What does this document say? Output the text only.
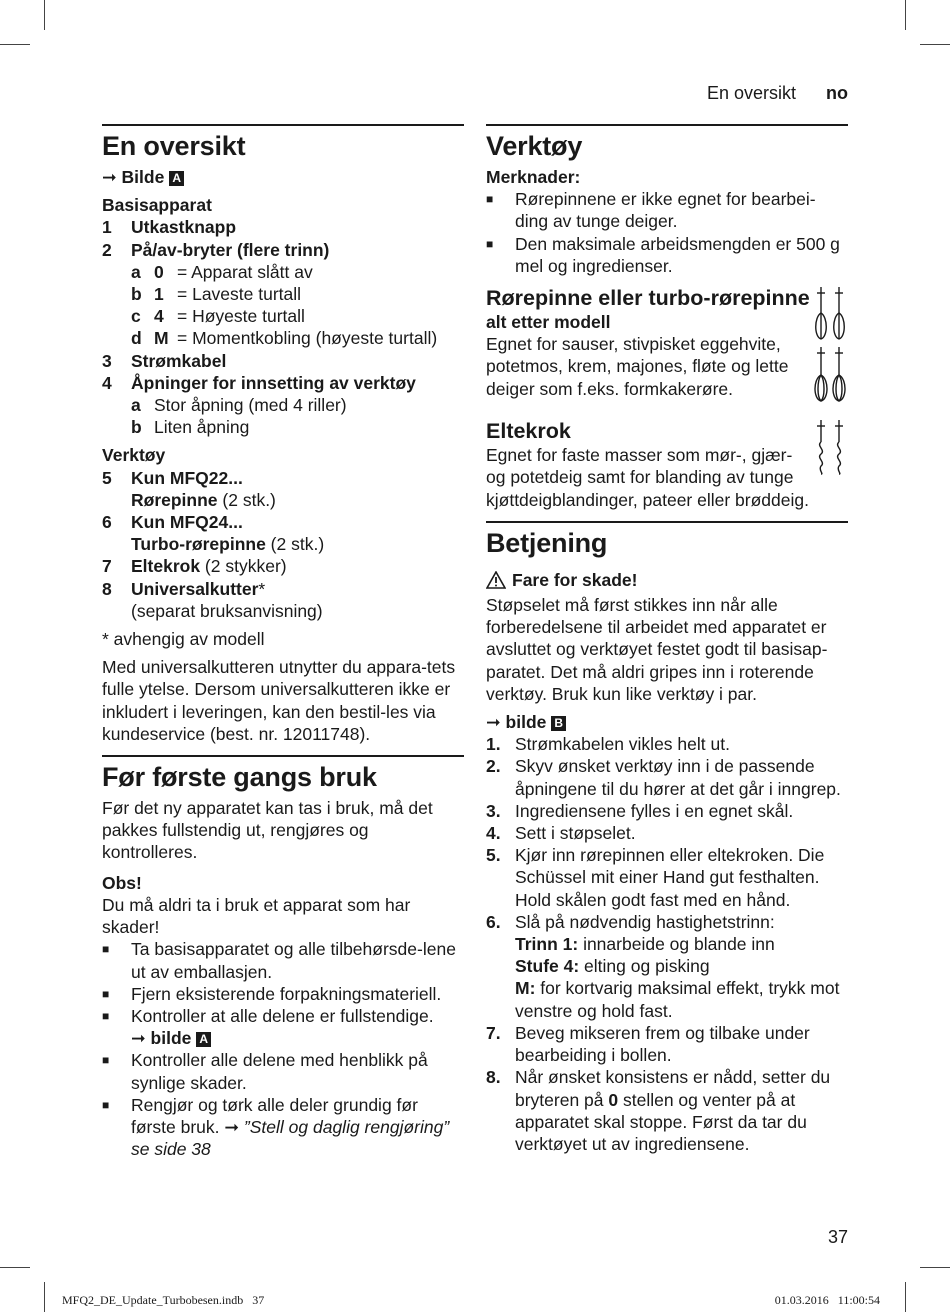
En oversikt no
En oversikt

➞ Bilde A

Basisapparat

1	Utkastknapp
2	På/av-bryter (flere trinn)
a 0 = Apparat slått av
b 1 = Laveste turtall
c 4 = Høyeste turtall
d M = Momentkobling (høyeste turtall)
3	Strømkabel
4	Åpninger for innsetting av verktøy
a Stor åpning (med 4 riller)
b Liten åpning

Verktøy

5	Kun MFQ22...
Rørepinne (2 stk.)
6	Kun MFQ24...
Turbo-rørepinne (2 stk.)
7	Eltekrok (2 stykker)
8	Universalkutter*
(separat bruksanvisning)

* avhengig av modell

Med universalkutteren utnytter du appara-tets fulle ytelse. Dersom universalkutteren ikke er inkludert i leveringen, kan den bestil-les via kundeservice (best. nr. 12011748).

Før første gangs bruk

Før det ny apparatet kan tas i bruk, må det pakkes fullstendig ut, rengjøres og kontrolleres.

Obs!

Du må aldri ta i bruk et apparat som har skader!

■	Ta basisapparatet og alle tilbehørsde-lene ut av emballasjen.
■	Fjern eksisterende forpakningsmateriell.
■	Kontroller at alle delene er fullstendige.
➞ bilde A
■	Kontroller alle delene med henblikk på synlige skader.
■	Rengjør og tørk alle deler grundig før første bruk. ➞ ”Stell og daglig rengjøring” se side 38
Verktøy

Merknader:

■	Rørepinnene er ikke egnet for bearbei-ding av tunge deiger.
■	Den maksimale arbeidsmengden er 500 g mel og ingredienser.
Rørepinne eller turbo-rørepinne

alt etter modell

Egnet for sauser, stivpisket eggehvite, potetmos, krem, majones, fløte og lette deiger som f.eks. formkakerøre.

Eltekrok

Egnet for faste masser som mør-, gjær- og potetdeig samt for blanding av tunge kjøttdeigblandinger, pateer eller brøddeig.

Betjening

Fare for skade!

Støpselet må først stikkes inn når alle forberedelsene til arbeidet med apparatet er avsluttet og verktøyet festet godt til basisap-paratet. Det må aldri gripes inn i roterende verktøy. Bruk kun like verktøy i par.

➞ bilde B

1. Strømkabelen vikles helt ut.
2. Skyv ønsket verktøy inn i de passende åpningene til du hører at det går i inngrep.
3. Ingrediensene fylles i en egnet skål.
4. Sett i støpselet.
5. Kjør inn rørepinnen eller eltekroken. Die Schüssel mit einer Hand gut festhalten. Hold skålen godt fast med en hånd.
6. Slå på nødvendig hastighetstrinn:
Trinn 1: innarbeide og blande inn
Stufe 4: elting og pisking
M: for kortvarig maksimal effekt, trykk mot venstre og hold fast.
7. Beveg mikseren frem og tilbake under bearbeiding i bollen.
8. Når ønsket konsistens er nådd, setter du bryteren på 0 stellen og venter på at apparatet skal stoppe. Først da tar du verktøyet ut av ingrediensene.
37
MFQ2_DE_Update_Turbobesen.indb   37	01.03.2016   11:00:54
